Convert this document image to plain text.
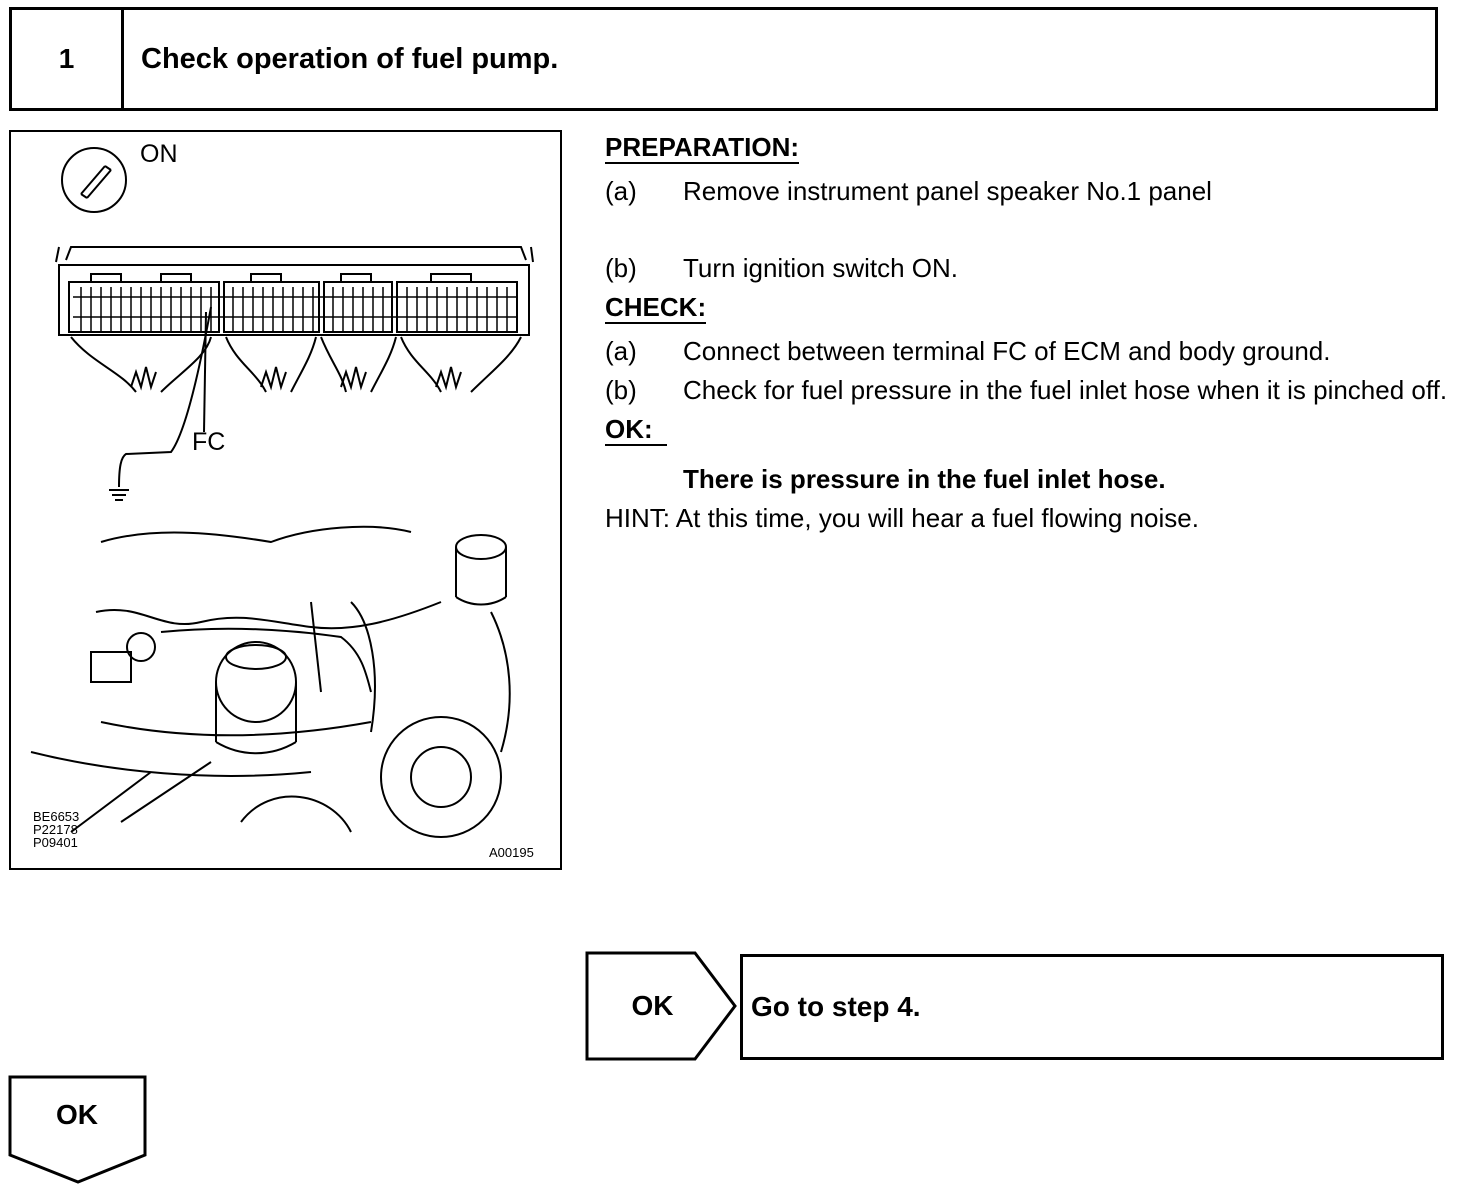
1	Check operation of fuel pump.
ON
FC
BE6653
P22178
P09401
A00195
PREPARATION:
(a)	Remove instrument panel speaker No.1 panel
(b)	Turn ignition switch ON.
CHECK:
(a)	Connect between terminal FC of ECM and body ground.
(b)	Check for fuel pressure in the fuel inlet hose when it is pinched off.
OK:
There is pressure in the fuel inlet hose.
HINT: At this time, you will hear a fuel flowing noise.
OK	Go to step 4.
OK
